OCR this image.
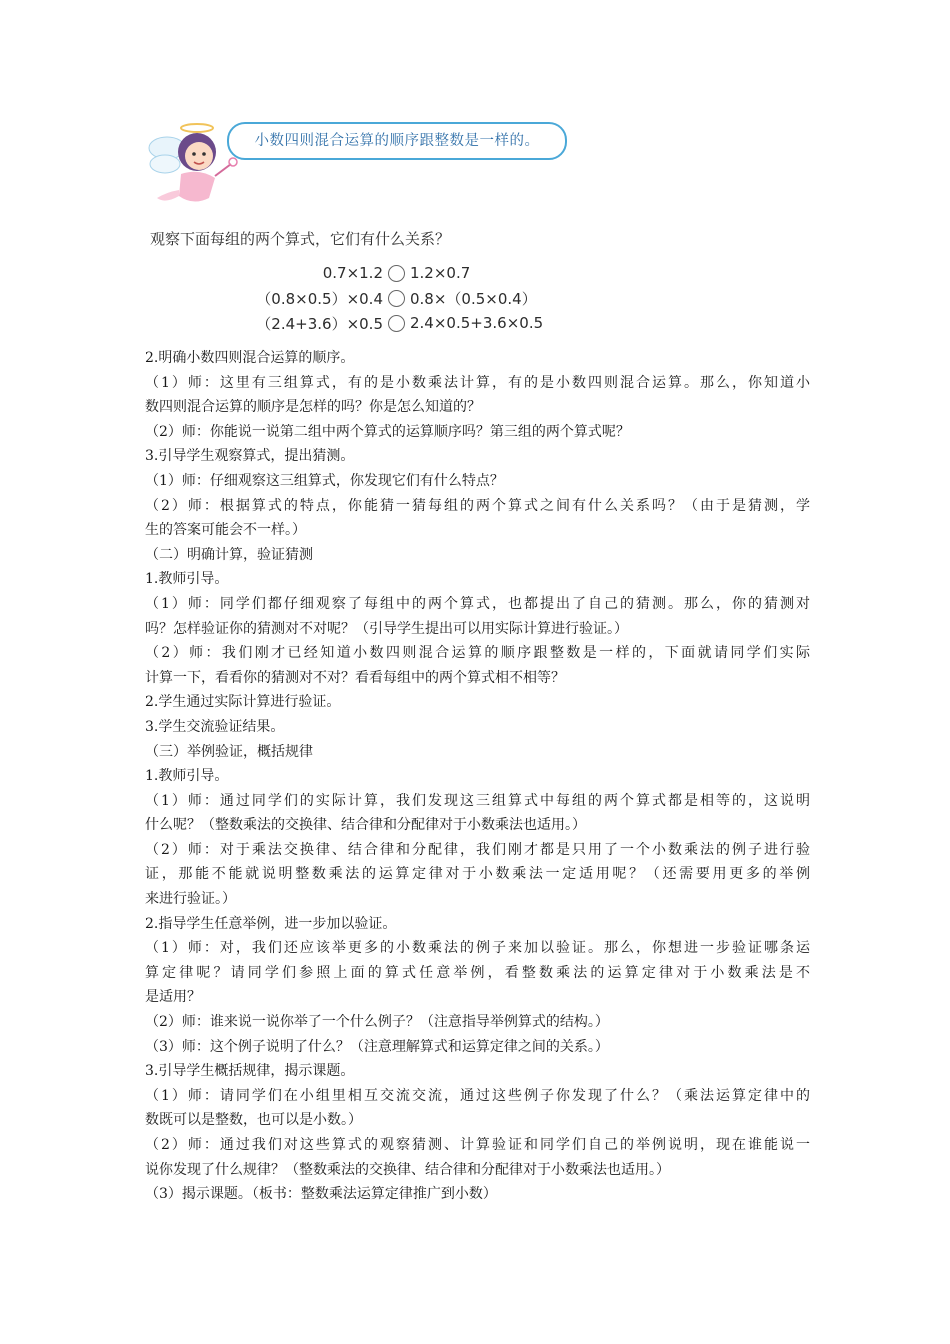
小数四则混合运算的顺序跟整数是一样的。
观察下面每组的两个算式，它们有什么关系？
0.7×1.2 1.2×0.7
（0.8×0.5）×0.4 0.8×（0.5×0.4）
（2.4+3.6）×0.5 2.4×0.5+3.6×0.5
2.明确小数四则混合运算的顺序。
（1）师：这里有三组算式，有的是小数乘法计算，有的是小数四则混合运算。那么，你知道小
数四则混合运算的顺序是怎样的吗？你是怎么知道的？
（2）师：你能说一说第二组中两个算式的运算顺序吗？第三组的两个算式呢？
3.引导学生观察算式，提出猜测。
（1）师：仔细观察这三组算式，你发现它们有什么特点？
（2）师：根据算式的特点，你能猜一猜每组的两个算式之间有什么关系吗？（由于是猜测，学
生的答案可能会不一样。）
（二）明确计算，验证猜测
1.教师引导。
（1）师：同学们都仔细观察了每组中的两个算式，也都提出了自己的猜测。那么，你的猜测对
吗？怎样验证你的猜测对不对呢？（引导学生提出可以用实际计算进行验证。）
（2）师：我们刚才已经知道小数四则混合运算的顺序跟整数是一样的，下面就请同学们实际
计算一下，看看你的猜测对不对？看看每组中的两个算式相不相等？
2.学生通过实际计算进行验证。
3.学生交流验证结果。
（三）举例验证，概括规律
1.教师引导。
（1）师：通过同学们的实际计算，我们发现这三组算式中每组的两个算式都是相等的，这说明
什么呢？（整数乘法的交换律、结合律和分配律对于小数乘法也适用。）
（2）师：对于乘法交换律、结合律和分配律，我们刚才都是只用了一个小数乘法的例子进行验
证，那能不能就说明整数乘法的运算定律对于小数乘法一定适用呢？（还需要用更多的举例
来进行验证。）
2.指导学生任意举例，进一步加以验证。
（1）师：对，我们还应该举更多的小数乘法的例子来加以验证。那么，你想进一步验证哪条运
算定律呢？请同学们参照上面的算式任意举例，看整数乘法的运算定律对于小数乘法是不
是适用？
（2）师：谁来说一说你举了一个什么例子？（注意指导举例算式的结构。）
（3）师：这个例子说明了什么？（注意理解算式和运算定律之间的关系。）
3.引导学生概括规律，揭示课题。
（1）师：请同学们在小组里相互交流交流，通过这些例子你发现了什么？（乘法运算定律中的
数既可以是整数，也可以是小数。）
（2）师：通过我们对这些算式的观察猜测、计算验证和同学们自己的举例说明，现在谁能说一
说你发现了什么规律？（整数乘法的交换律、结合律和分配律对于小数乘法也适用。）
（3）揭示课题。（板书：整数乘法运算定律推广到小数）
